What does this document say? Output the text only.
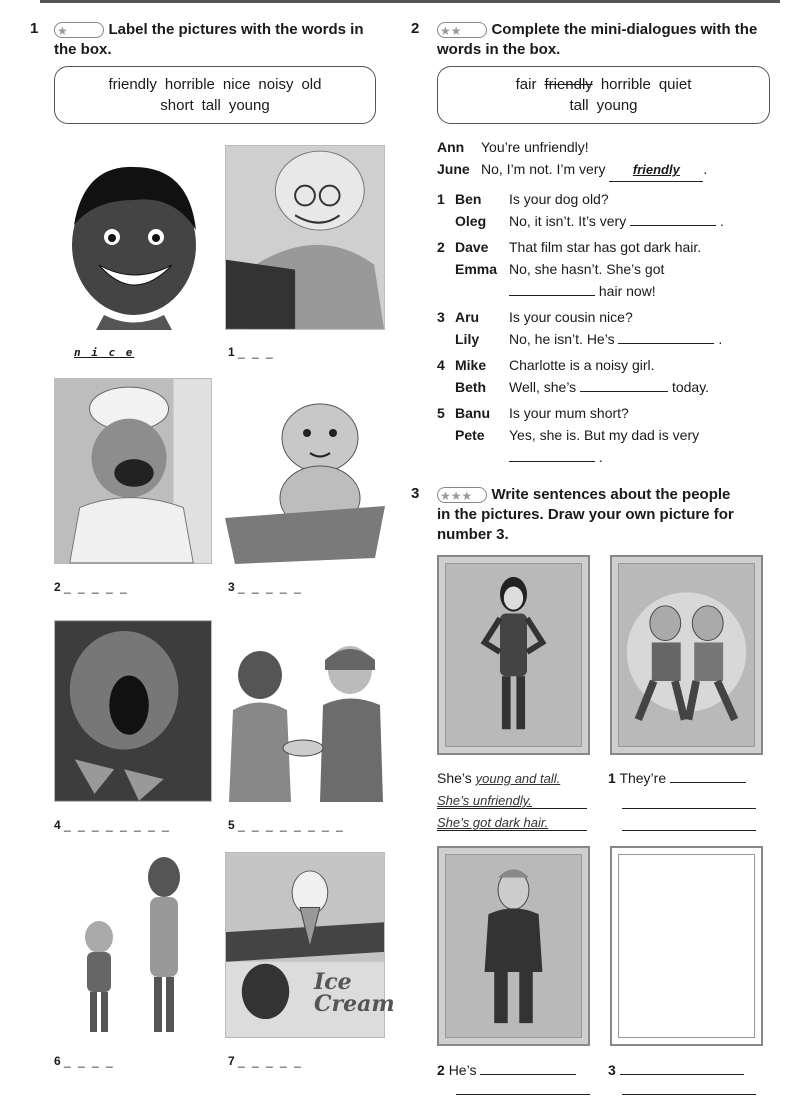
1 ★	Label the pictures with the words in
the box.
friendly horrible nice noisy old
short tall young
n i c e	1 _ _ _
2 _ _ _ _ _	3 _ _ _ _ _
4 _ _ _ _ _ _ _ _	5 _ _ _ _ _ _ _ _
Ice Cream
6 _ _ _ _	7 _ _ _ _ _
2 ★★ Complete the mini-dialogues with the
words in the box.
fair friendly horrible quiet
tall young
Ann You’re unfriendly!
June No, I’m not. I’m very friendly .
1 Ben Is your dog old?
Oleg No, it isn’t. It’s very	.
2 Dave That film star has got dark hair.
Emma No, she hasn’t. She’s got
hair now!
3 Aru Is your cousin nice?
Lily No, he isn’t. He’s	.
4 Mike Charlotte is a noisy girl.
Beth Well, she’s	today.
5 Banu Is your mum short?
Pete Yes, she is. But my dad is very
.
3 ★★★ Write sentences about the people
in the pictures. Draw your own picture for
number 3.
She’s young and tall.
She’s unfriendly.
She’s got dark hair.
1 They’re
2 He’s	3
